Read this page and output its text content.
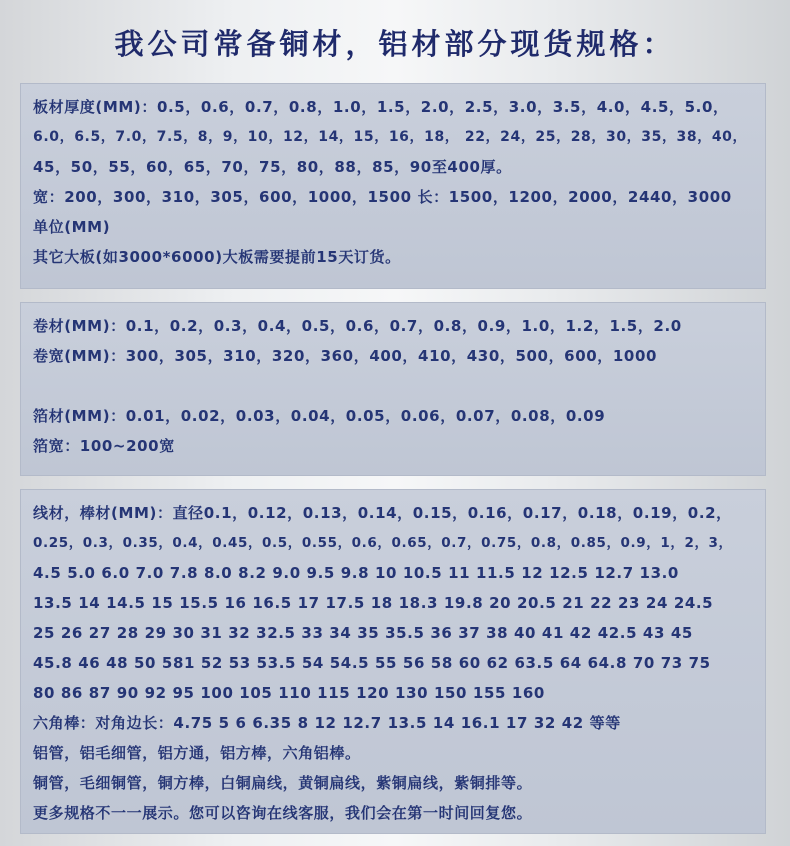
我公司常备铜材，铝材部分现货规格：
板材厚度(MM)：0.5，0.6，0.7，0.8，1.0，1.5，2.0，2.5，3.0，3.5，4.0，4.5，5.0，
6.0，6.5，7.0，7.5，8，9，10，12，14，15，16，18， 22，24，25，28，30，35，38，40，
45，50，55，60，65，70，75，80，88，85，90至400厚。
宽：200，300，310，305，600，1000，1500 长：1500，1200，2000，2440，3000
单位(MM)
其它大板(如3000*6000)大板需要提前15天订货。
卷材(MM)：0.1，0.2，0.3，0.4，0.5，0.6，0.7，0.8，0.9，1.0，1.2，1.5，2.0
卷宽(MM)：300，305，310，320，360，400，410，430，500，600，1000
箔材(MM)：0.01，0.02，0.03，0.04，0.05，0.06，0.07，0.08，0.09
箔宽：100~200宽
线材，棒材(MM)：直径0.1，0.12，0.13，0.14，0.15，0.16，0.17，0.18，0.19，0.2，
0.25，0.3，0.35，0.4，0.45，0.5，0.55，0.6，0.65，0.7，0.75，0.8，0.85，0.9，1，2，3，
4.5 5.0 6.0 7.0 7.8 8.0 8.2 9.0 9.5 9.8 10 10.5 11 11.5 12 12.5 12.7 13.0
13.5 14 14.5 15 15.5 16 16.5 17 17.5 18 18.3 19.8 20 20.5 21 22 23 24 24.5
25 26 27 28 29 30 31 32 32.5 33 34 35 35.5 36 37 38 40 41 42 42.5 43 45
45.8 46 48 50 581 52 53 53.5 54 54.5 55 56 58 60 62 63.5 64 64.8 70 73 75
80 86 87 90 92 95 100 105 110 115 120 130 150 155 160
六角棒：对角边长：4.75 5 6 6.35 8 12 12.7 13.5 14 16.1 17 32 42 等等
铝管，铝毛细管，铝方通，铝方棒，六角铝棒。
铜管，毛细铜管，铜方棒，白铜扁线，黄铜扁线，紫铜扁线，紫铜排等。
更多规格不一一展示。您可以咨询在线客服，我们会在第一时间回复您。
